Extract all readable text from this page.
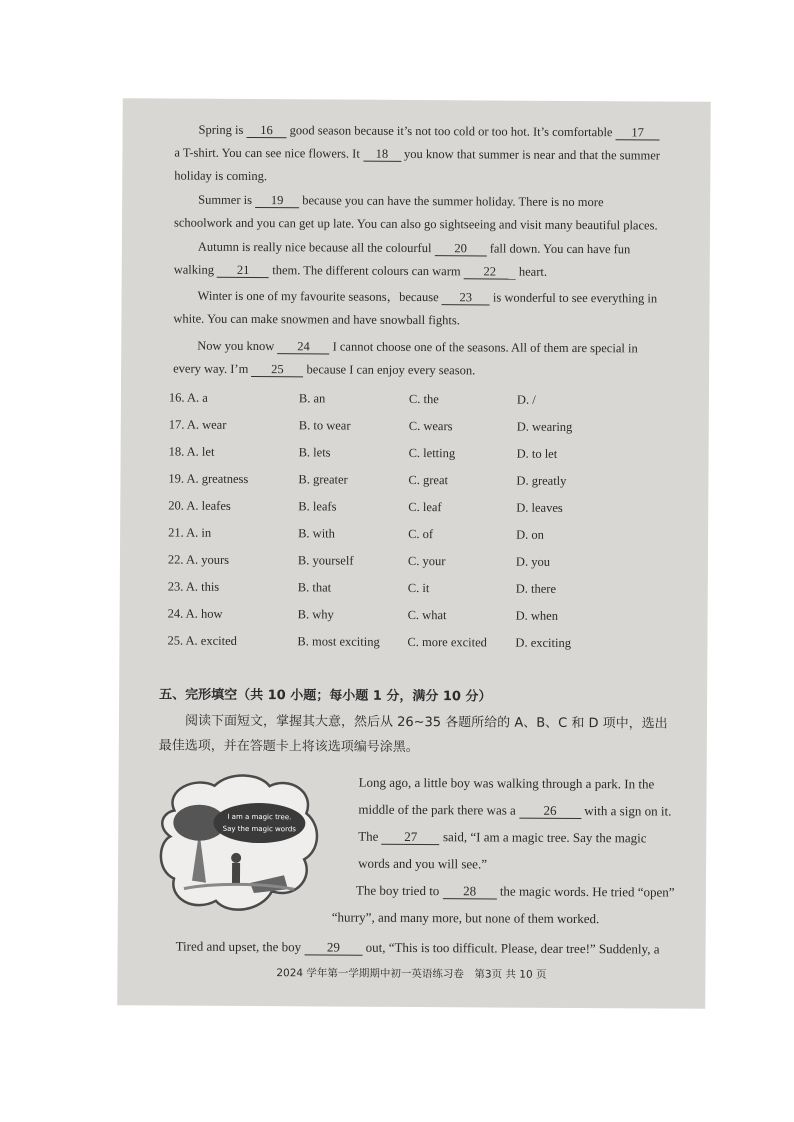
Spring is 16 good season because it’s not too cold or too hot. It’s comfortable 17 a T-shirt. You can see nice flowers. It 18 you know that summer is near and that the summer holiday is coming.

Summer is 19 because you can have the summer holiday. There is no more schoolwork and you can get up late. You can also go sightseeing and visit many beautiful places.

Autumn is really nice because all the colourful 20 fall down. You can have fun walking 21 them. The different colours can warm 22 heart.

Winter is one of my favourite seasons，because 23 is wonderful to see everything in white. You can make snowmen and have snowball fights.

Now you know 24 I cannot choose one of the seasons. All of them are special in every way. I’m 25 because I can enjoy every season.

16. A. a	B. an	C. the	D. /
17. A. wear	B. to wear	C. wears	D. wearing
18. A. let	B. lets	C. letting	D. to let
19. A. greatness	B. greater	C. great	D. greatly
20. A. leafes	B. leafs	C. leaf	D. leaves
21. A. in	B. with	C. of	D. on
22. A. yours	B. yourself	C. your	D. you
23. A. this	B. that	C. it	D. there
24. A. how	B. why	C. what	D. when
25. A. excited	B. most exciting C. more excited D. exciting
五、完形填空（共 10 小题；每小题 1 分，满分 10 分）

阅读下面短文，掌握其大意，然后从 26~35 各题所给的 A、B、C 和 D 项中，选出最佳选项，并在答题卡上将该选项编号涂黑。

I am a magic tree.
Say the magic words

Long ago, a little boy was walking through a park. In the middle of the park there was a 26 with a sign on it. The 27 said, “I am a magic tree. Say the magic words and you will see.”

The boy tried to 28 the magic words. He tried “open” “hurry”, and many more, but none of them worked.

Tired and upset, the boy 29 out, “This is too difficult. Please, dear tree!” Suddenly, a

2024 学年第一学期期中初一英语练习卷　第3页 共 10 页
